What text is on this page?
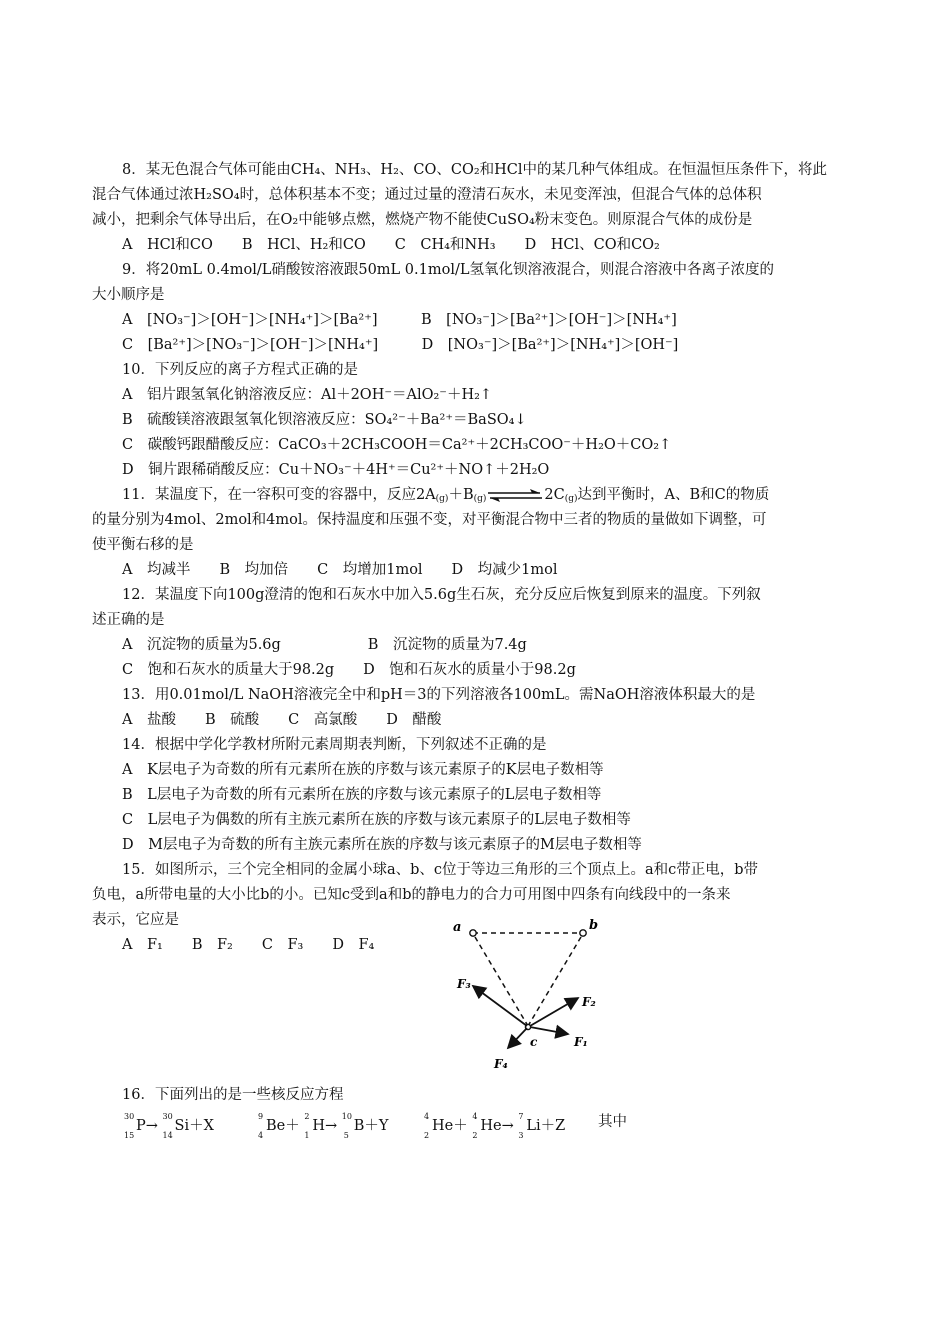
8．某无色混合气体可能由CH₄、NH₃、H₂、CO、CO₂和HCl中的某几种气体组成。在恒温恒压条件下，将此
混合气体通过浓H₂SO₄时，总体积基本不变；通过过量的澄清石灰水，未见变浑浊，但混合气体的总体积
减小，把剩余气体导出后，在O₂中能够点燃，燃烧产物不能使CuSO₄粉末变色。则原混合气体的成份是
A　HCl和CO　　B　HCl、H₂和CO　　C　CH₄和NH₃　　D　HCl、CO和CO₂
9．将20mL 0.4mol/L硝酸铵溶液跟50mL 0.1mol/L氢氧化钡溶液混合，则混合溶液中各离子浓度的
大小顺序是
A　[NO₃⁻]＞[OH⁻]＞[NH₄⁺]＞[Ba²⁺]　　　B　[NO₃⁻]＞[Ba²⁺]＞[OH⁻]＞[NH₄⁺]
C　[Ba²⁺]＞[NO₃⁻]＞[OH⁻]＞[NH₄⁺]　　　D　[NO₃⁻]＞[Ba²⁺]＞[NH₄⁺]＞[OH⁻]
10．下列反应的离子方程式正确的是
A　铝片跟氢氧化钠溶液反应：Al＋2OH⁻＝AlO₂⁻＋H₂↑
B　硫酸镁溶液跟氢氧化钡溶液反应：SO₄²⁻＋Ba²⁺＝BaSO₄↓
C　碳酸钙跟醋酸反应：CaCO₃＋2CH₃COOH＝Ca²⁺＋2CH₃COO⁻＋H₂O＋CO₂↑
D　铜片跟稀硝酸反应：Cu＋NO₃⁻＋4H⁺＝Cu²⁺＋NO↑＋2H₂O
11．某温度下，在一容积可变的容器中，反应2A(g)＋B(g)⇌2C(g)达到平衡时，A、B和C的物质
的量分别为4mol、2mol和4mol。保持温度和压强不变，对平衡混合物中三者的物质的量做如下调整，可
使平衡右移的是
A　均减半　　B　均加倍　　C　均增加1mol　　D　均减少1mol
12．某温度下向100g澄清的饱和石灰水中加入5.6g生石灰，充分反应后恢复到原来的温度。下列叙
述正确的是
A　沉淀物的质量为5.6g　　　　　　B　沉淀物的质量为7.4g
C　饱和石灰水的质量大于98.2g　　D　饱和石灰水的质量小于98.2g
13．用0.01mol/L NaOH溶液完全中和pH＝3的下列溶液各100mL。需NaOH溶液体积最大的是
A　盐酸　　B　硫酸　　C　高氯酸　　D　醋酸
14．根据中学化学教材所附元素周期表判断，下列叙述不正确的是
A　K层电子为奇数的所有元素所在族的序数与该元素原子的K层电子数相等
B　L层电子为奇数的所有元素所在族的序数与该元素原子的L层电子数相等
C　L层电子为偶数的所有主族元素所在族的序数与该元素原子的L层电子数相等
D　M层电子为奇数的所有主族元素所在族的序数与该元素原子的M层电子数相等
15．如图所示，三个完全相同的金属小球a、b、c位于等边三角形的三个顶点上。a和c带正电，b带
负电，a所带电量的大小比b的小。已知c受到a和b的静电力的合力可用图中四条有向线段中的一条来
表示，它应是
A　F₁　　B　F₂　　C　F₃　　D　F₄
a	b
c	F₁
F₂
F₃
F₄
16．下面列出的是一些核反应方程
30
15
P→
30
14
Si＋X
9
4
Be＋
2
1
H→
10
5
B＋Y
4
2
He＋
4
2
He→
7
3
Li＋Z 其中
